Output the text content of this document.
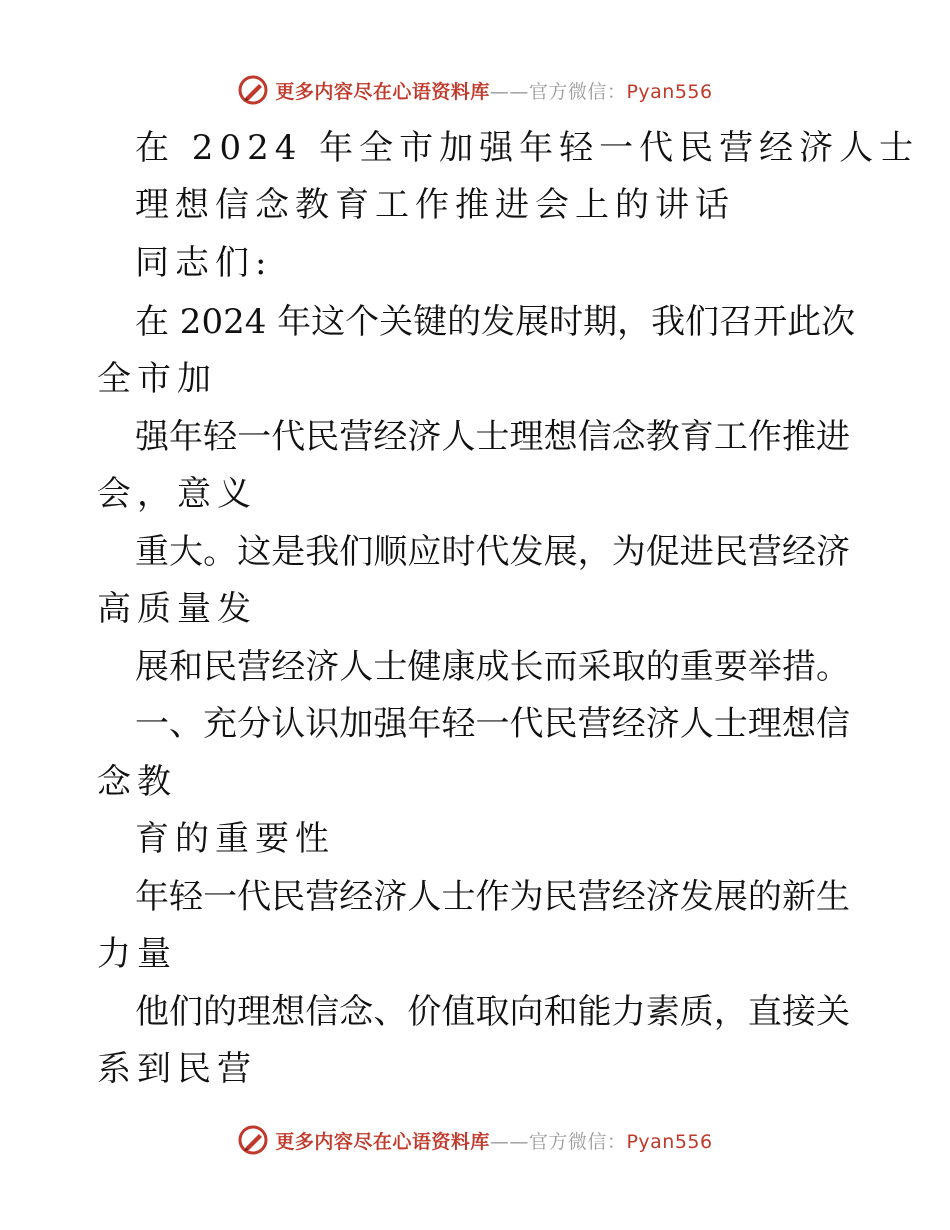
更多内容尽在心语资料库——官方微信：Pyan556
在 2024 年全市加强年轻一代民营经济人士
理想信念教育工作推进会上的讲话
同志们:
在 2024 年这个关键的发展时期，我们召开此次
全市加
强年轻一代民营经济人士理想信念教育工作推进
会，意义
重大。这是我们顺应时代发展，为促进民营经济
高质量发
展和民营经济人士健康成长而采取的重要举措。
一、充分认识加强年轻一代民营经济人士理想信
念教
育的重要性
年轻一代民营经济人士作为民营经济发展的新生
力量
他们的理想信念、价值取向和能力素质，直接关
系到民营
更多内容尽在心语资料库——官方微信：Pyan556
